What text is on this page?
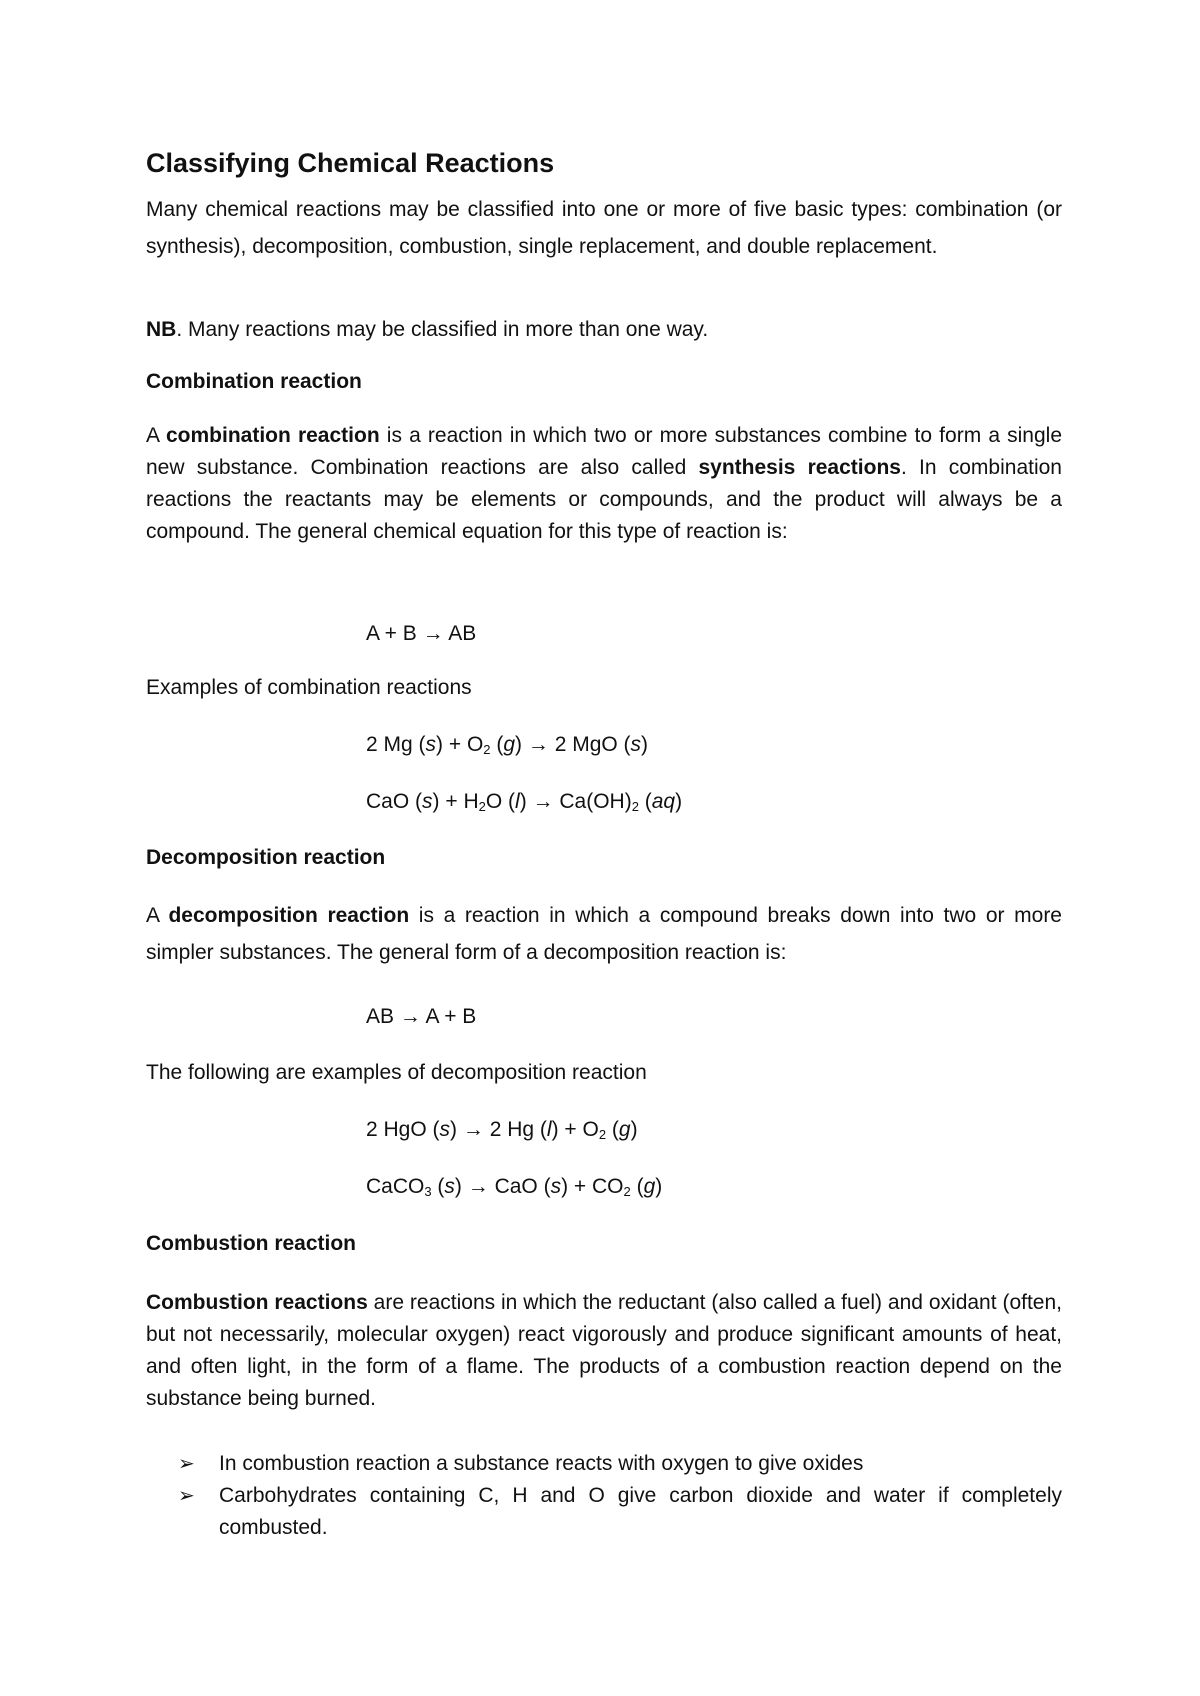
Classifying Chemical Reactions

Many chemical reactions may be classified into one or more of five basic types: combination (or synthesis), decomposition, combustion, single replacement, and double replacement.

NB. Many reactions may be classified in more than one way.

Combination reaction

A combination reaction is a reaction in which two or more substances combine to form a single new substance. Combination reactions are also called synthesis reactions. In combination reactions the reactants may be elements or compounds, and the product will always be a compound. The general chemical equation for this type of reaction is:

A + B → AB

Examples of combination reactions

2 Mg $(s) + O_2$ (g) → 2 MgO (s)

CaO $(s) + H_2O$ $(l) \to Ca(OH)_2$ (aq)

Decomposition reaction

A decomposition reaction is a reaction in which a compound breaks down into two or more simpler substances. The general form of a decomposition reaction is:

AB → A + B

The following are examples of decomposition reaction

2 HgO (s) → 2 Hg $(l) + O_2$ (g)

CaCO$_3$ (s) → CaO $(s) + CO_2$ (g)

Combustion reaction

Combustion reactions are reactions in which the reductant (also called a fuel) and oxidant (often, but not necessarily, molecular oxygen) react vigorously and produce significant amounts of heat, and often light, in the form of a flame. The products of a combustion reaction depend on the substance being burned.

➢ In combustion reaction a substance reacts with oxygen to give oxides
➢ Carbohydrates containing C, H and O give carbon dioxide and water if completely combusted.
